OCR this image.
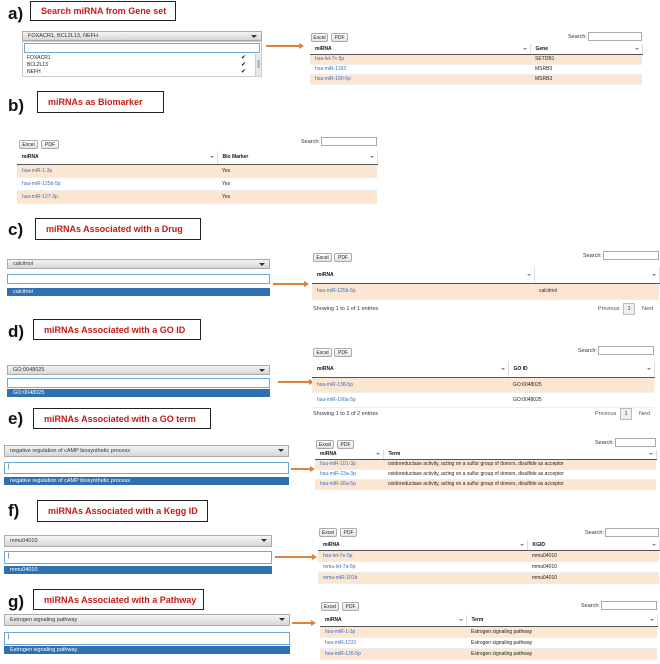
a)	Search miRNA from Gene set
FOXACR1, BCL2L13, NEFH
FOXACR1
BCL2L13
NEFH
✔
✔
✔
Excel	PDF	Search:
miRNA	Gene

hsa-let-7c-5p	SETDB1
hsa-miR-1193	MSRB3
hsa-miR-190-5p	MSRB3
b)	miRNAs as Biomarker
Excel	PDF	Search:
miRNA	Bio Marker

hsa-miR-1-3p	Yes
hsa-miR-125b-5p	Yes
hsa-miR-127-3p	Yes
c)	miRNAs Associated with a Drug
calcitriol
calcitriol
Excel	PDF	Search:
miRNA

hsa-miR-125b-5p	calcitriol
Showing 1 to 1 of 1 entries	Previous	1	Next
d)	miRNAs Associated with a GO ID
GO:0048025
GO:0048025
Excel	PDF	Search:
miRNA	GO ID

hsa-miR-138-5p	GO:0048025
hsa-miR-190a-5p	GO:0048025
Showing 1 to 2 of 2 entries	Previous	1	Next
e)	miRNAs Associated with a GO term
negative regulation of cAMP biosynthetic process
|
negative regulation of cAMP biosynthetic process
Excel	PDF	Search:
miRNA	Term

hsa-miR-101-3p	oxidoreductase activity, acting on a sulfur group of donors, disulfide as acceptor
hsa-miR-23a-3p	oxidoreductase activity, acting on a sulfur group of donors, disulfide as acceptor
hsa-miR-26a-5p	oxidoreductase activity, acting on a sulfur group of donors, disulfide as acceptor
f)	miRNAs Associated with a Kegg ID
mmu04010
|
mmu04010
Excel	PDF	Search:
miRNA	KGID

hsa-let-7e-5p	mmu04010
mmu-let-7a-5p	mmu04010
mmu-miR-101b	mmu04010
g)	miRNAs Associated with a Pathway
Estrogen signaling pathway
|
Estrogen signaling pathway
Excel	PDF	Search:
miRNA	Term

hsa-miR-1-3p	Estrogen signaling pathway
hsa-miR-1231	Estrogen signaling pathway
hsa-miR-126-5p	Estrogen signaling pathway
